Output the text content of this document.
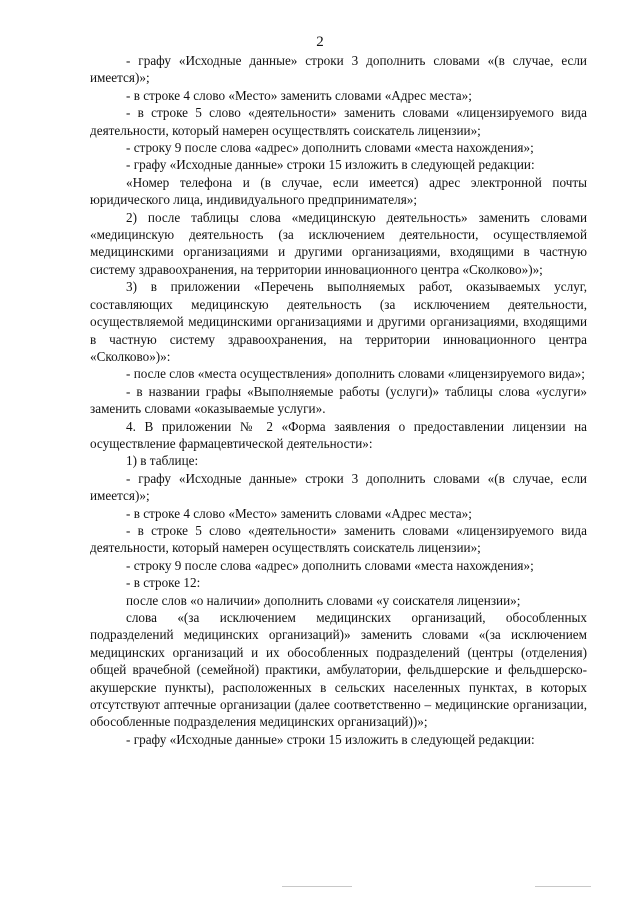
2

- графу «Исходные данные» строки 3 дополнить словами «(в случае, если имеется)»;

- в строке 4 слово «Место» заменить словами «Адрес места»;

- в строке 5 слово «деятельности» заменить словами «лицензируемого вида деятельности, который намерен осуществлять соискатель лицензии»;

- строку 9 после слова «адрес» дополнить словами «места нахождения»;

- графу «Исходные данные» строки 15 изложить в следующей редакции:

«Номер телефона и (в случае, если имеется) адрес электронной почты юридического лица, индивидуального предпринимателя»;

2) после таблицы слова «медицинскую деятельность» заменить словами «медицинскую деятельность (за исключением деятельности, осуществляемой медицинскими организациями и другими организациями, входящими в частную систему здравоохранения, на территории инновационного центра «Сколково»)»;

3) в приложении «Перечень выполняемых работ, оказываемых услуг, составляющих медицинскую деятельность (за исключением деятельности, осуществляемой медицинскими организациями и другими организациями, входящими в частную систему здравоохранения, на территории инновационного центра «Сколково»)»:

- после слов «места осуществления» дополнить словами «лицензируемого вида»;

- в названии графы «Выполняемые работы (услуги)» таблицы слова «услуги» заменить словами «оказываемые услуги».

4. В приложении № 2 «Форма заявления о предоставлении лицензии на осуществление фармацевтической деятельности»:

1) в таблице:

- графу «Исходные данные» строки 3 дополнить словами «(в случае, если имеется)»;

- в строке 4 слово «Место» заменить словами «Адрес места»;

- в строке 5 слово «деятельности» заменить словами «лицензируемого вида деятельности, который намерен осуществлять соискатель лицензии»;

- строку 9 после слова «адрес» дополнить словами «места нахождения»;

- в строке 12:

после слов «о наличии» дополнить словами «у соискателя лицензии»;

слова «(за исключением медицинских организаций, обособленных подразделений медицинских организаций)» заменить словами «(за исключением медицинских организаций и их обособленных подразделений (центры (отделения) общей врачебной (семейной) практики, амбулатории, фельдшерские и фельдшерско-акушерские пункты), расположенных в сельских населенных пунктах, в которых отсутствуют аптечные организации (далее соответственно – медицинские организации, обособленные подразделения медицинских организаций))»;

- графу «Исходные данные» строки 15 изложить в следующей редакции:
